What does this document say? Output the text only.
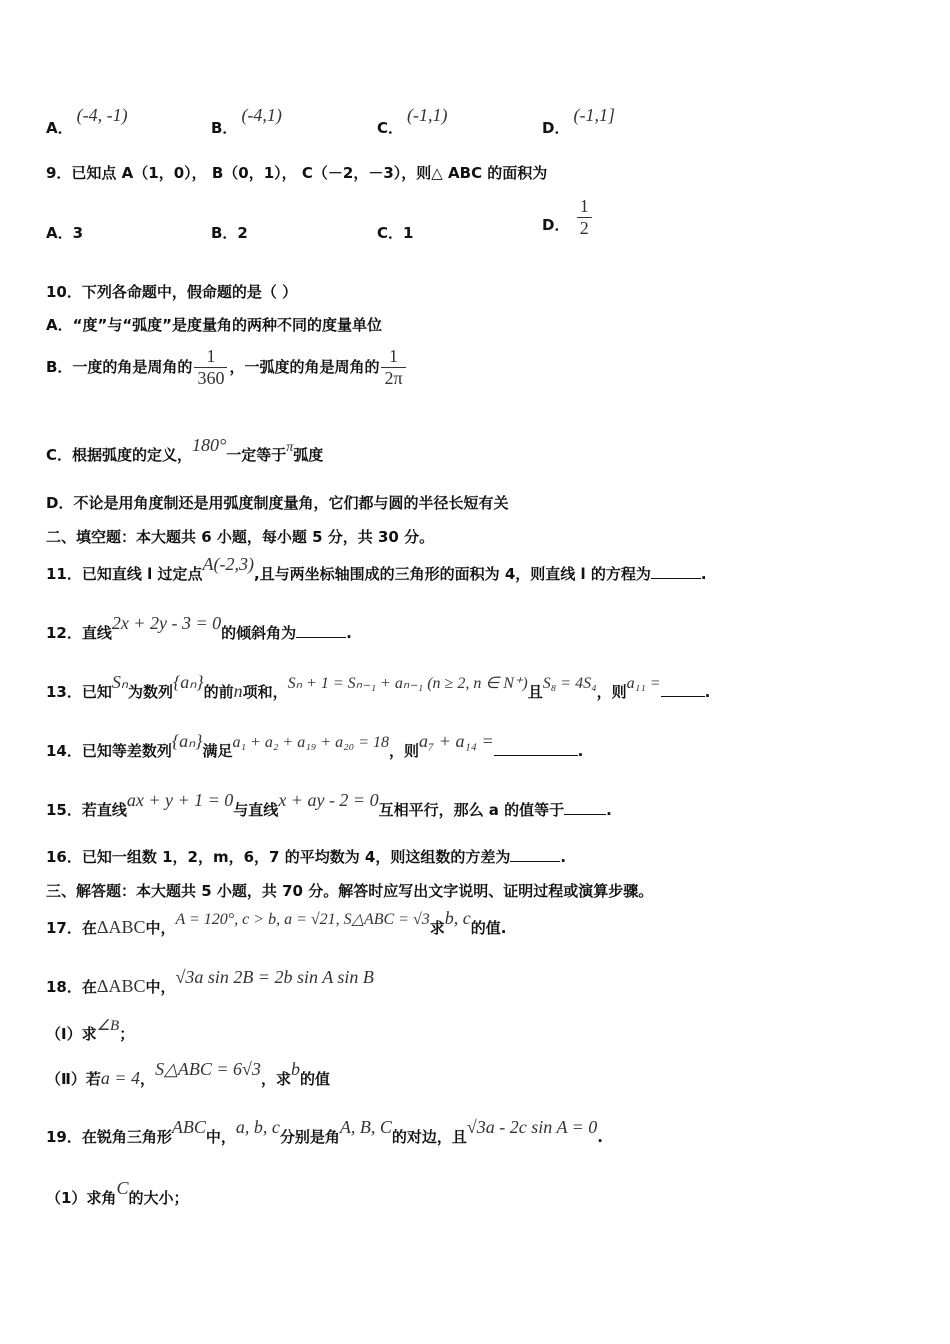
A．(-4, -1)
B．(-4,1)
C．(-1,1)
D．(-1,1]
9．已知点 A（1，0）， B（0，1）， C（－2，－3），则△ ABC 的面积为
A．3	B．2	C．1	D． $\frac{1}{2}$
10．下列各命题中，假命题的是（ ）
A．“度”与“弧度”是度量角的两种不同的度量单位
B．一度的角是周角的 $\frac{1}{360}$ ，一弧度的角是周角的 $\frac{1}{2\pi}$
C．根据弧度的定义，180°一定等于π弧度
D．不论是用角度制还是用弧度制度量角，它们都与圆的半径长短有关
二、填空题：本大题共 6 小题，每小题 5 分，共 30 分。
11．已知直线 l 过定点A(-2,3),且与两坐标轴围成的三角形的面积为 4，则直线 l 的方程为	.
12．直线2x + 2y - 3 = 0的倾斜角为	.
13．已知Sₙ为数列{aₙ}的前n项和，Sₙ + 1 = Sₙ₋₁ + aₙ₋₁ (n ≥ 2, n ∈ N⁺)且S₈ = 4S₄，则a₁₁ =	.
14．已知等差数列{aₙ}满足a₁ + a₂ + a₁₉ + a₂₀ = 18，则a₇ + a₁₄ =	.
15．若直线ax + y + 1 = 0与直线x + ay - 2 = 0互相平行，那么 a 的值等于	.
16．已知一组数 1，2，m，6，7 的平均数为 4，则这组数的方差为	.
三、解答题：本大题共 5 小题，共 70 分。解答时应写出文字说明、证明过程或演算步骤。
17．在ΔABC中，A = 120°, c > b, a = √21, S△ABC = √3求b, c的值.
18．在ΔABC中，√3a sin 2B = 2b sin A sin B
（Ⅰ）求∠B；
（Ⅱ）若a = 4，S△ABC = 6√3，求b的值
19．在锐角三角形ABC中，a, b, c分别是角A, B, C的对边，且√3a - 2c sin A = 0.
（1）求角C的大小；
